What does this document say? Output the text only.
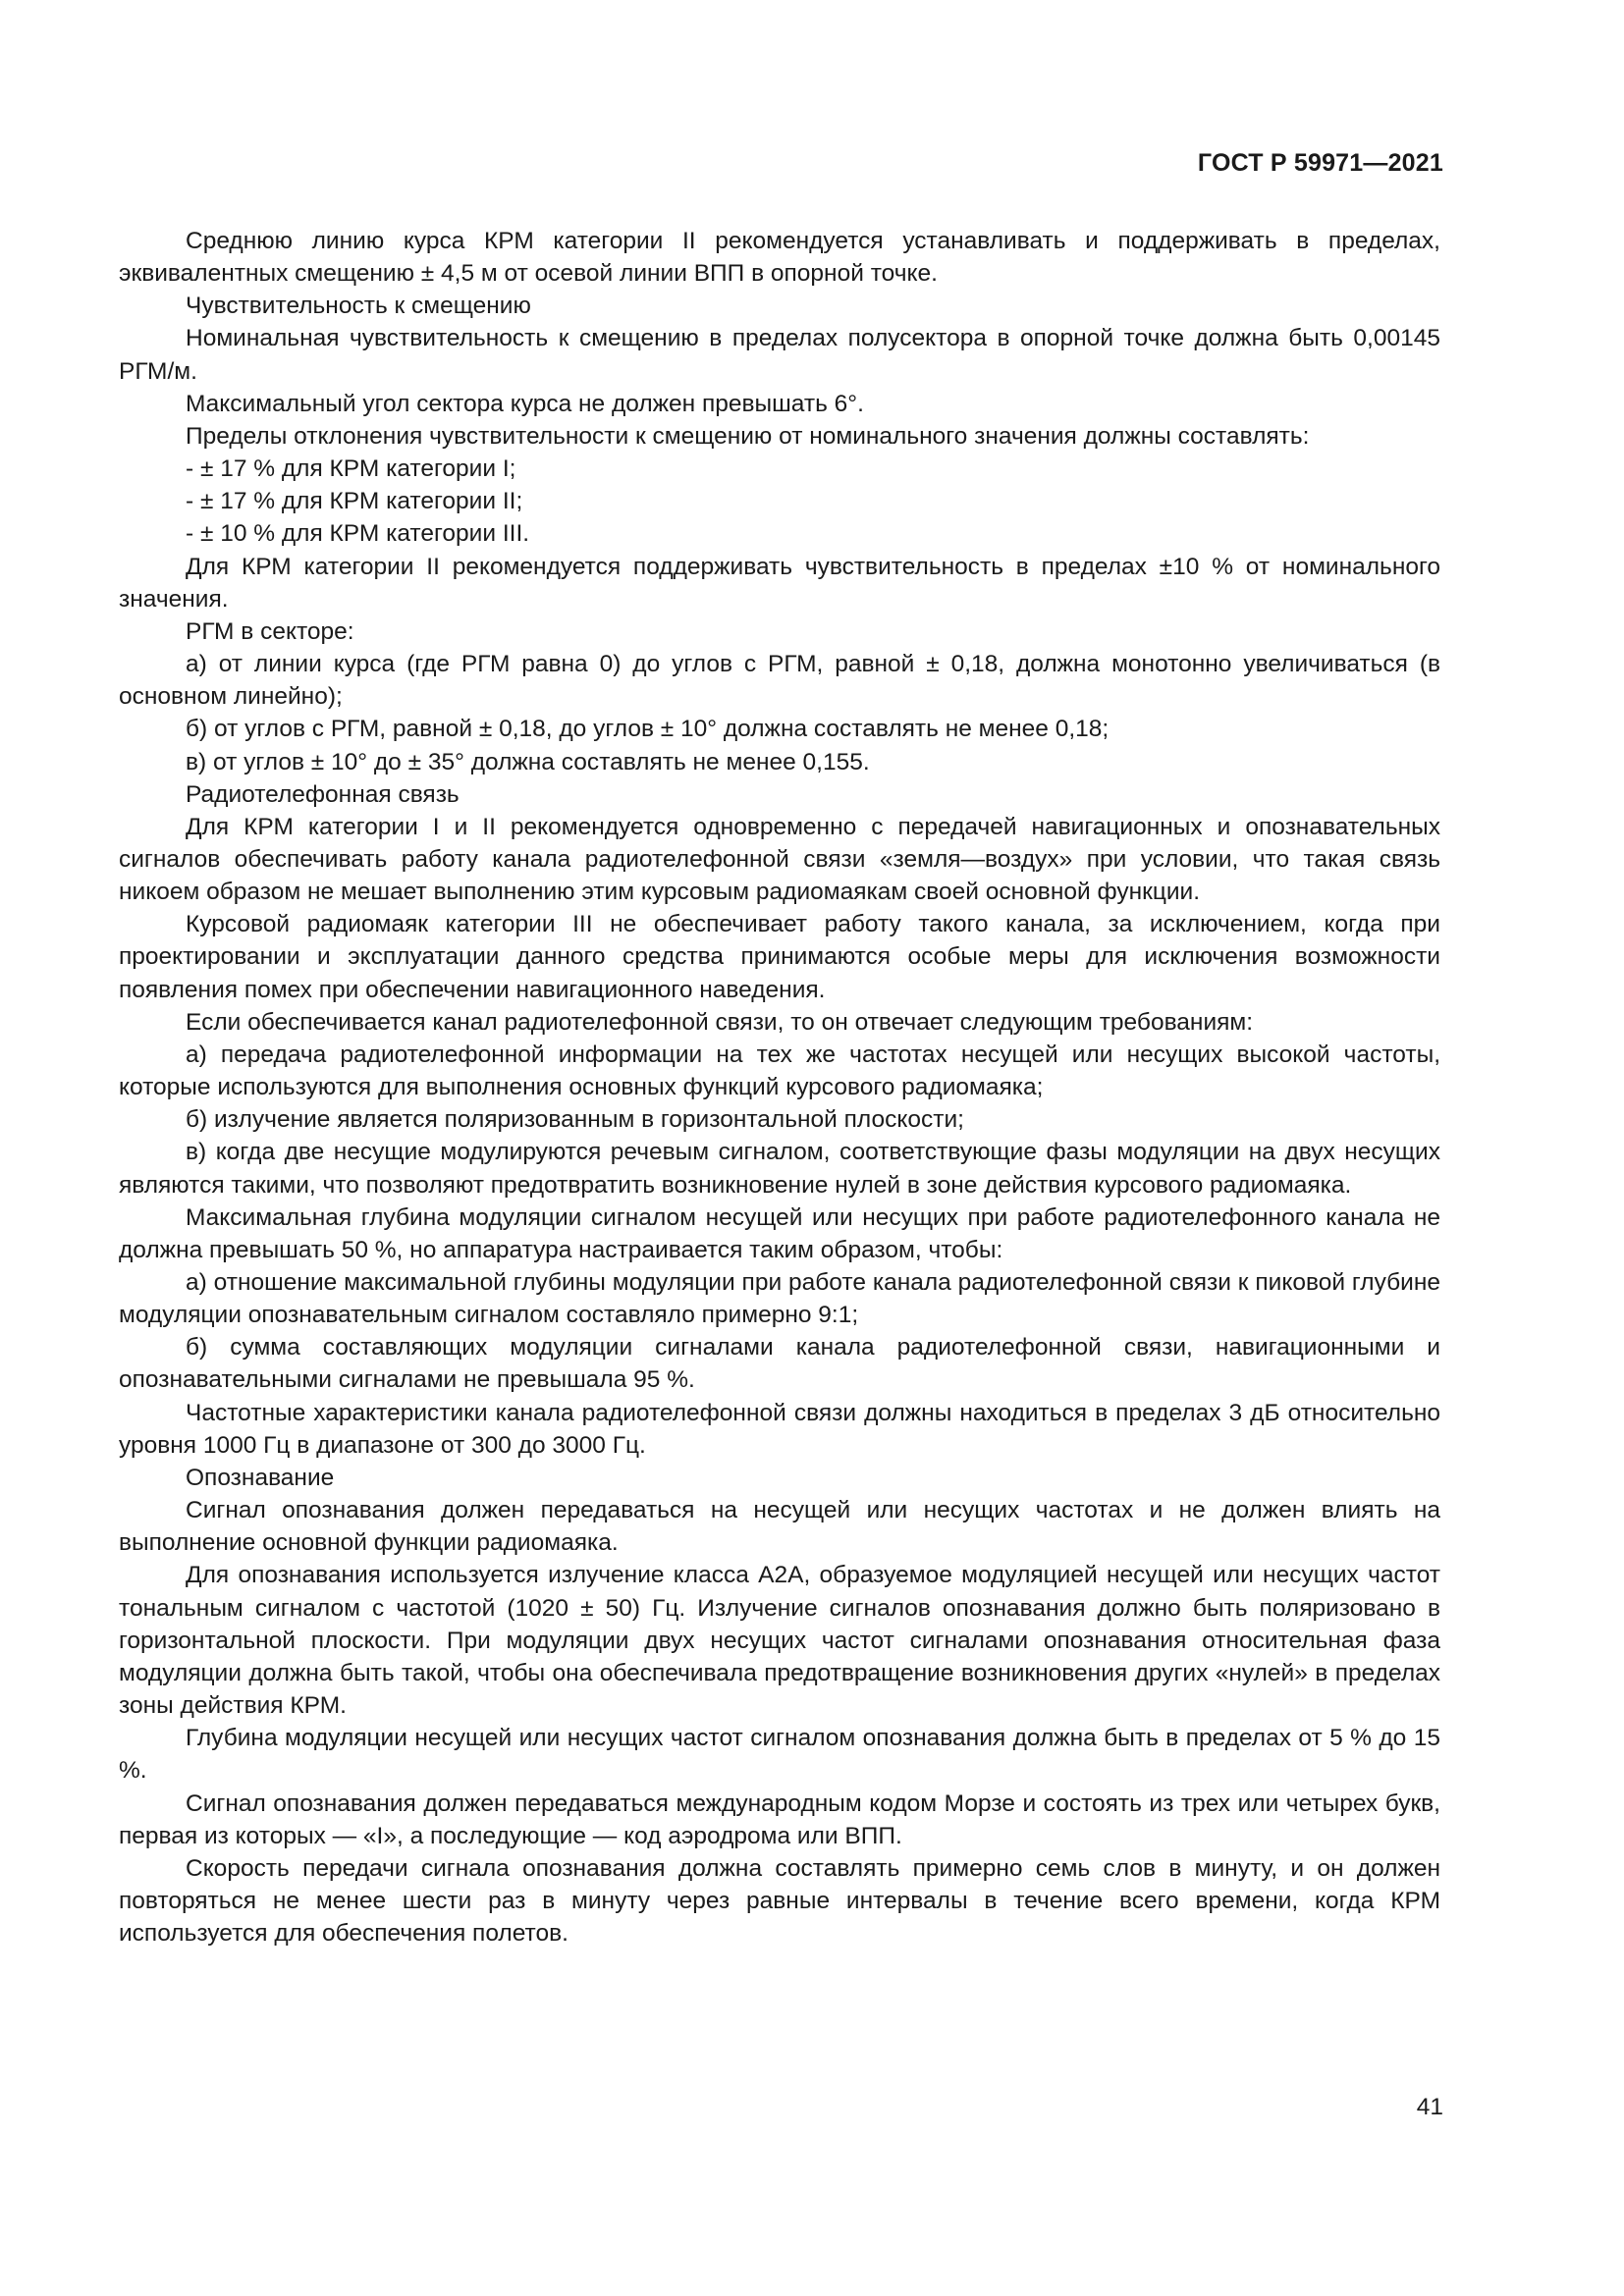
ГОСТ Р 59971—2021

Среднюю линию курса КРМ категории II рекомендуется устанавливать и поддерживать в пределах, эквивалентных смещению ± 4,5 м от осевой линии ВПП в опорной точке.

Чувствительность к смещению

Номинальная чувствительность к смещению в пределах полусектора в опорной точке должна быть 0,00145 РГМ/м.

Максимальный угол сектора курса не должен превышать 6°.

Пределы отклонения чувствительности к смещению от номинального значения должны составлять:

- ± 17 % для КРМ категории I;

- ± 17 % для КРМ категории II;

- ± 10 % для КРМ категории III.

Для КРМ категории II рекомендуется поддерживать чувствительность в пределах ±10 % от номинального значения.

РГМ в секторе:

а) от линии курса (где РГМ равна 0) до углов с РГМ, равной ± 0,18, должна монотонно увеличиваться (в основном линейно);

б) от углов с РГМ, равной ± 0,18, до углов ± 10° должна составлять не менее 0,18;

в) от углов ± 10° до ± 35° должна составлять не менее 0,155.

Радиотелефонная связь

Для КРМ категории I и II рекомендуется одновременно с передачей навигационных и опознавательных сигналов обеспечивать работу канала радиотелефонной связи «земля—воздух» при условии, что такая связь никоем образом не мешает выполнению этим курсовым радиомаякам своей основной функции.

Курсовой радиомаяк категории III не обеспечивает работу такого канала, за исключением, когда при проектировании и эксплуатации данного средства принимаются особые меры для исключения возможности появления помех при обеспечении навигационного наведения.

Если обеспечивается канал радиотелефонной связи, то он отвечает следующим требованиям:

а) передача радиотелефонной информации на тех же частотах несущей или несущих высокой частоты, которые используются для выполнения основных функций курсового радиомаяка;

б) излучение является поляризованным в горизонтальной плоскости;

в) когда две несущие модулируются речевым сигналом, соответствующие фазы модуляции на двух несущих являются такими, что позволяют предотвратить возникновение нулей в зоне действия курсового радиомаяка.

Максимальная глубина модуляции сигналом несущей или несущих при работе радиотелефонного канала не должна превышать 50 %, но аппаратура настраивается таким образом, чтобы:

а) отношение максимальной глубины модуляции при работе канала радиотелефонной связи к пиковой глубине модуляции опознавательным сигналом составляло примерно 9:1;

б) сумма составляющих модуляции сигналами канала радиотелефонной связи, навигационными и опознавательными сигналами не превышала 95 %.

Частотные характеристики канала радиотелефонной связи должны находиться в пределах 3 дБ относительно уровня 1000 Гц в диапазоне от 300 до 3000 Гц.

Опознавание

Сигнал опознавания должен передаваться на несущей или несущих частотах и не должен влиять на выполнение основной функции радиомаяка.

Для опознавания используется излучение класса А2А, образуемое модуляцией несущей или несущих частот тональным сигналом с частотой (1020 ± 50) Гц. Излучение сигналов опознавания должно быть поляризовано в горизонтальной плоскости. При модуляции двух несущих частот сигналами опознавания относительная фаза модуляции должна быть такой, чтобы она обеспечивала предотвращение возникновения других «нулей» в пределах зоны действия КРМ.

Глубина модуляции несущей или несущих частот сигналом опознавания должна быть в пределах от 5 % до 15 %.

Сигнал опознавания должен передаваться международным кодом Морзе и состоять из трех или четырех букв, первая из которых — «I», а последующие — код аэродрома или ВПП.

Скорость передачи сигнала опознавания должна составлять примерно семь слов в минуту, и он должен повторяться не менее шести раз в минуту через равные интервалы в течение всего времени, когда КРМ используется для обеспечения полетов.

41
